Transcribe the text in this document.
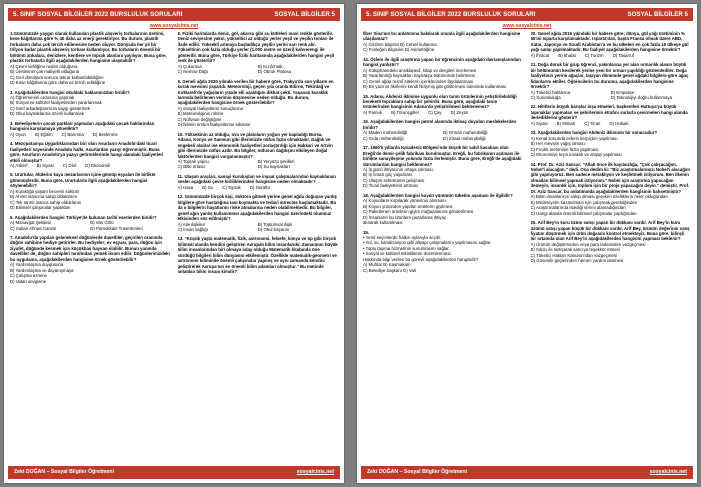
5. SINIF SOSYAL BİLGİLER 2022 BURSLULUK SORULARI	SOSYAL BİLGİLER 5
www.sosyalcinis.net
1.Günümüzde yaygın olarak kullanılan plastik alışveriş torbalarının üretimi, kese kâğıtlarına göre % 40 daha az enerji gerektiriyor. Bu durum, plastik torbaların daha çok tercih edilmesine neden oluyor. Dünyada her yıl bir trilyon kadar plastik alışveriş torbası kullanılıyor. Bu torbaların önemli bir bölümü atıkalara, denizlere, kentlere ve toprak alanlara yayılıyor. Buna göre, plastik torbalarla ilgili aşağıdakilerden hangisine ulaşılabilir?
A) Çevre kirliliğine neden olduğuna
B) Üretiminin çok maliyetli olduğuna
C) Geri dönüşüm sonucu tekrar kullanılabildiğine
D) Kese kâğıtlarına göre daha az tercih edildiğine
2. Aşağıdakilerden hangisi okuldaki haklarımızdan biridir?
A) Öğretmenini cezasına yapmak
B) Sosyal ve kültürel faaliyetlerden yararlanmak
C) Sınıf arkadaşlarımıza saygı göstermek
D) Okul kaynaklarına özenli kullanmak
3. Belediyelerin çocuk parkları yapmaları aşağıdaki çocuk haklarından hangisini karşılamaya yöneliktir?
A) Oyun B) Eğitim C) Barınma D) Beslenme
4. Mezopotamya Uygarlıklarından biri olan Asurların Anadolu'daki ticari faaliyetleri sayesinde Anadolu halkı, Asurlardan yazıyı öğrenmiştir. Buna göre, Asurların Anadolu'ya yazıyı getirmelerinde hangi alandaki faaliyetleri etkili olmuştur?
A) Askerî B) Siyasi C) Dinî D) Ekonomik
5. Urartular, ölülerini kaya mezarlarının içine gömüp eşyaları ile birlikte gömmüşlerdir. Buna göre, Urartularla ilgili aşağıdakilerden hangisi söylenebilir?
A) Kuraklığa yaşam becerisi sahiptir
B) Ahiret inancına sahip olduklarını
C) Tek tanrılı inanca sahip olduklarını
D) Bilimsel çalışmalar yaptıkları
6. Aşağıdakilerden hangisi Türkiye'de bulunan tarihî eserlerden biridir?
A) Manavgat Şelalesi	B) Van Gölü
C) Sultan Ahmet Camisi	D) Pamukkale Travertenleri
7. Anadolu'da yapılan geleneksel düğünlerde davetliler, geçirilen oranında düğün sahibine hediye getirirler. Bu hediyeler; ev eşyası, para, düğün için ziyafet, düğünde kesmek için küçükbaş hayvan olabilir. Bunun yanında davetliler de, düğün sahipleri tarafından yemek ikram edilir. Düğünlerimizdeki bu uygulama, aşağıdakilerden hangisine örnek gösterilebilir?
A) Yardımlaşma duygusuna
B) Yardımlaşma ve dayanışmaya
C) Çalışma azmine
D) Vatan sevgisine
8. Fiziki haritalarda deniz, göl, akarsu gibi su kütleleri mavi renkle gösterilir. Deniz seviyesine yakın, yükseltisi az olduğu yerler yeşil ve yeşilin tonları ile ifade edilir. Yüksekli artmaya başladıkça yeşilin yerini sarı renk alır. Yükseltinin çok fazla olduğu yerler (1.000 metre ve üzeri) kahverengi ile gösterilir. Buna göre, Türkiye fiziki haritasında aşağıdakilerden hangisi yeşil renk ile gösterilir?
A) Çukurova	B) Kızılırmak
C) Nemrut Dağı	D) Obruk Platosu
9. Geneli ağda 2020 yılında verilen bir habere göre, Trakya'da son yılların en kurak mevsimi yaşandı. Meteoroloji, geçen yıla oranla Edirne, Tekirdağ ve Kırklareli'de yağışların yüzde elli azaldığını dikkat çekti. Yaşanan kuraklık tarımda belirlenen verimin düşmesine neden olduğu. Bu durum, aşağıdakilerden hangisine örnek gösterilebilir?
A) Sosyal faaliyetlerin sonuçlarına
B) Meteorolojinin rolüne
C) Nüfusun değiştiğine
D) İklimin üretim faaliyetlerine etkisine
10. Yüksekinin az olduğu, ova ve platoların yoğun yer kapladığı Bursa, Adana, Konya ve Samsun gibi illerimizde nüfus fazla olmaktadır. Dağlık ve engebeli alanlar ise ekonomik faaliyetleri zorlaştırdığı için Hakkari ve Artvin gibi illerimizde nüfus azdır. Bu bilgiler, nüfusun dağılışını etkileyen doğal faktörlerden hangisi vurgulanmıştır?
A) Toprak yapısı	B) Yeryüzü şekilleri
C) Bitki örtüsü	D) Su kaynakları
11. Ulaşım araçları, sanayi kuruluşları ve inşaat çalışmalarından kaynaklanan sesler aşağıdaki çevre kirliliklerinden hangisine neden olmaktadır?
A) Hava B) Su C) Toprak D) Gürültü
12. Günümüzde birçok kişi, doktora gitmek yerine genel ağda doğuşan yanlış bilgilere göre hastalığına tanı koymakta ve tedavi sürecine başlamaktadır. Bu da o bilgilerin hayatlarını riske atmalarına neden olabilmektedir. Bu bilgiler, genel ağın yanlış kullanımının aşağıdakilerden hangisi üzerindeki olumsuz etkisinden söz edilmiştir?
A) Aile ilişkileri	B) Toplumsal ilişki
C) İnsan sağlığı	D) Okul başarısı
13. "Küçük yaşta matematik, fizik, astronomi, felsefe, kimya ve tıp gibi birçok bilimsel alanda kendini geliştiren Avrupalı bilim insanlarıdır. Zamanının büyük bilim insanlarından biri olmaya aday olduğu Matematik kitabında öne sürdüğü bilgileri bilim dünyasını etkilemiştir. Özellikle matematik-geometri ve astronomi biliminde önemli çalışmalar yapmış ve aynı zamanda kendini geliştirerek Avrupa'nın en önemli bilim adamları olmuştur." Bu metinde anlatılan bilim insanı kimdir?
Zeki DOĞAN – Sosyal Bilgiler Öğretmeni	sosyalcinis.net
5. SINIF SOSYAL BİLGİLER 2022 BURSLULUK SORULARI	SOSYAL BİLGİLER 5
www.sosyalcinis.net
İlber Sina'nın bu anlatımına bakılarak onunla ilgili aşağıdakilerden hangisine ulaşılamaz?
A) Gözlem bilgisini B) Cetvel kullanma
C) Fesleğen bilgisine D) Asimetriğine
14. Özlem ile ilgili araştırma yapan bir öğrencinin aşağıdaki davranışlarından hangisi yanlıştır?
A) Kütüphanedeki ansiklopedi, kitap ve dergileri incelemesi
B) Yararlandığı kaynakları kaynakça bölümünde belirtmesi
C) Genel ağda resmî sitelerin içeriklerinden faydalanması
D) Bir yazının fikirlerini kendi fikriymiş gibi göstermesi ödevinde kullanması
15. Adana, Akdeniz iklimine uygunlu olan tarım ürünlerinin yetiştirilebildiği bereketli topraklara sahip bir şehirdir. Buna göre, aşağıdaki tarım ürünlerinden hangisinin Adana'da yetiştirilmesi beklenemez?
A) Pamuk B) Turunçgiller C) Çay D) Zeytin
16. Aşağıdakilerden hangisi petrol alanında iktisaç duyulan meslekelerden biridir?
A) Maden mühendisliği	B) Orman mühendisliği
C) Gıda mühendisliği	D) Ziraat mühendisliği
17. 1960'lı yıllarda Karadeniz Bölgesi'nde küçük bir sahil kasabası olan Ereğli'de demir-çelik fabrikası kurulmuştur. Ereğli, bu fabrikanın açılması ile birlikte sanayileşme yolunda hızla ilerlemiştir. Buna göre, Ereğli'de aşağıdaki durumlardan hangisi beklenmez?
A) İş gücü ihtiyacının ortaya çıkması
B) İş fırsatı göç yaşaması
C) Ulaşım sektörünün gelişmesi
D) Ticari faaliyetlerin artması
18. Aşağıdakilerden hangisi koyun yününün tüketim aşaması ile ilgilidir?
A) Koyunların kırpılarak yünlerinin alınması
B) Koyun yününden yapılan ürünlerin giyilmesi
C) Paketlenen ürünlerin giyim mağazalarına gönderilmesi
D) İnsanların bu ürünlere pazarlama ihtiyaç
alınarak kullanılması
19.
• Yerel seçimlerde halkın oylarıyla seçilir.
• Yol, su, kanalizasyon gibi altyapı çalışmalarını yapılmasını sağlar.
• Toplu taşıma hizmetinin sunulmasını sağlar.
• Sosyal ve kültürel etkinliklerin düzenlenmesi.
Hakkında bilgi verilen bu görevli aşağıdakilerden hangisidir?
A) Muhtar B) Kaymakam
C) Belediye başkanı D) Vali
20. Genel ağda 2016 yılındaki bir habere göre; dünya, gül yağı üretiminin % 65'ini Isparta karşılamaktadır. Isparta'dan, başta Fransa olmak üzere ABD, Katar, Japonya ve Suudi Arabistan'a ve bu ülkeleri en çok fazla 15 ülkeye gül yağı satışı yapılmaktadır. Bu faaliyet aşağıdakilerden hangisine örnektir?
A) İhracat B) İthalat C) Turizm D) Tasarruf
21. Doğa doruk bir grup öğrenci, yakınlarına yer alan ormanlık alanın büyük bir bölümünün kesilerek yerine yeni bir orman yapıldığı gözlemlediler. Doğa faaliyetinin yerine ağaçlar, taşıyan dönemde genel ağdaki bilgilere göre ağaç fidanlarını ektiler. Öğrencilerin bu durumu, aşağıdakilerden hangisine örnektir?
A) Tüketici haklarına	B) Empatiye
C) Sorumluluğa	D) Teknolojiyi doğru kullanmaya
22. Hititlerin büyük barışlar inşa etmeleri, başkentleri Hattuşa'ya büyük tapınaklar yapmaları ve şehirlerinin etrafını surlarla çevirmeleri hangi alanda ilerlediklerini gösterir?
A) Siyasi B) Mimari C) Ticari D) Hukuki
23. Aşağıdakilerden hangisi Akdeniz ikliminin bir sonucudur?
A) Kenal sonunda evlerin kerpiçten yapılması
B) Her mevsim yağış olması
C) Fındık üretiminin fazla yapılması
D) Ekonomiye kışın kıraklık ve ahşap yapılması
24. Prof. Dr. Aziz Sancar; "Allah önce ilk kayıtsızlığa, "Çok çalışacağım, Nobel'i alacağım." dedi. Ona dedim ki: "Biz araştırmalarımızı Nobel'i alacağım gibi yapmıyoruz. Ben sadece meraklıyım ve keşfetmek istiyorum. Ben ilkenin olmadan bilimsel yapmak istiyorum." Nobel için araştırma yapacağım demeyin, insanlık için, toplum için bir proje yapacağım deyin." demiştir. Prof. Dr. Aziz Sancar, bu anlatımında aşağıdakilerden hangisinin bahsetmiştir?
A) Bilim insanlarının sahip olması gereken özelliklerin neler olduğundan
B) Medeniyetin kazanılması için çalışmak gerektiğinden
C) Araştırmalarında istediği verimi alamadığından
D) Hangi alanda önemli bilimsel çalışmalar yaptığından
25. Arif Bey'in kuru üzüm satışı yapan bir dükkanı vardır. Arif Bey'in kuru üzümü satışı yapan küçük bir dükkanı vardır. Arif Bey, ürünün değerinin satış fiyatını düşürmek için ürün doğasını kontrol etmekteyiz. Buna göre, bilinçli bir ortamda olan Arif Bey'in aşağıdakilerden hangisini yapması beklenir?
A) Ürünün değiştirmeden veya para iadesinden vazgeçmesi
B) Satıcı ile tartışarak satıcıya teşekkür etmesi
C) Tüketici Hakları Kanunu'ndan vazgeçmesi
D) Güvenilir güçlerinden hemen yardım istemesi
Zeki DOĞAN – Sosyal Bilgiler Öğretmeni	sosyalcinis.net
